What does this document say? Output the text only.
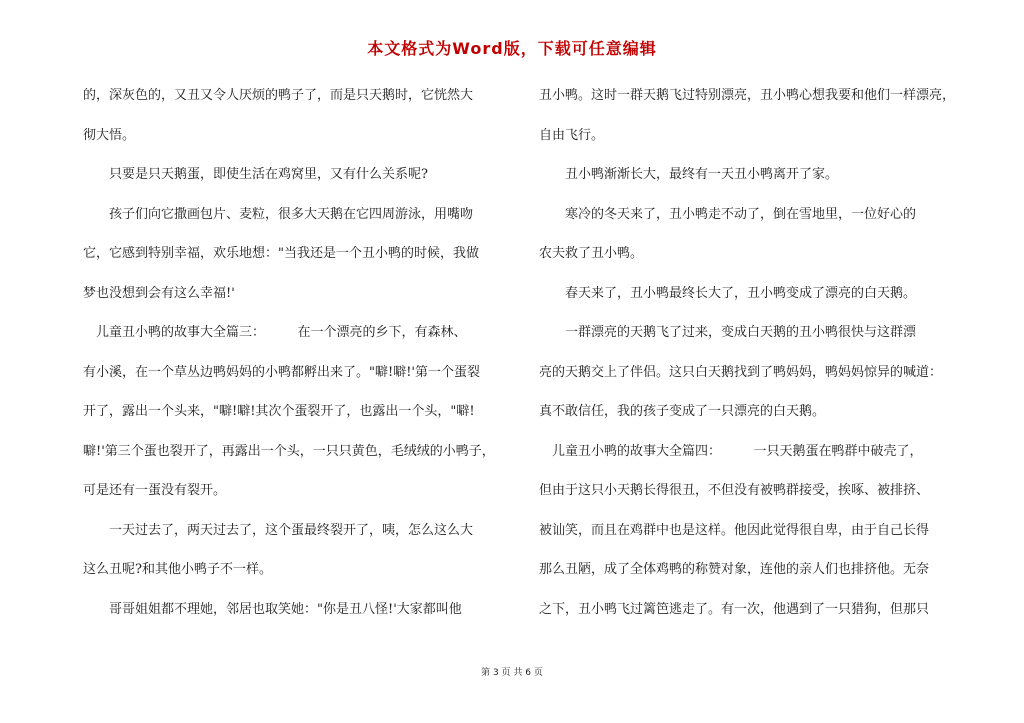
本文格式为Word版，下载可任意编辑
的，深灰色的，又丑又令人厌烦的鸭子了，而是只天鹅时，它恍然大
彻大悟。
　　只要是只天鹅蛋，即使生活在鸡窝里，又有什么关系呢?
　　孩子们向它撒画包片、麦粒，很多大天鹅在它四周游泳，用嘴吻
它，它感到特别幸福，欢乐地想："当我还是一个丑小鸭的时候，我做
梦也没想到会有这么幸福!'
　儿童丑小鸭的故事大全篇三：　　　在一个漂亮的乡下，有森林、
有小溪，在一个草丛边鸭妈妈的小鸭都孵出来了。"噼!噼!'第一个蛋裂
开了，露出一个头来，"噼!噼!其次个蛋裂开了，也露出一个头，"噼!
噼!'第三个蛋也裂开了，再露出一个头，一只只黄色，毛绒绒的小鸭子，
可是还有一蛋没有裂开。
　　一天过去了，两天过去了，这个蛋最终裂开了，咦，怎么这么大
这么丑呢?和其他小鸭子不一样。
　　哥哥姐姐都不理她，邻居也取笑她："你是丑八怪!'大家都叫他
丑小鸭。这时一群天鹅飞过特别漂亮，丑小鸭心想我要和他们一样漂亮，
自由飞行。
　　丑小鸭渐渐长大，最终有一天丑小鸭离开了家。
　　寒冷的冬天来了，丑小鸭走不动了，倒在雪地里，一位好心的
农夫救了丑小鸭。
　　春天来了，丑小鸭最终长大了，丑小鸭变成了漂亮的白天鹅。
　　一群漂亮的天鹅飞了过来，变成白天鹅的丑小鸭很快与这群漂
亮的天鹅交上了伴侣。这只白天鹅找到了鸭妈妈，鸭妈妈惊异的喊道：
真不敢信任，我的孩子变成了一只漂亮的白天鹅。
　儿童丑小鸭的故事大全篇四：　　　一只天鹅蛋在鸭群中破壳了，
但由于这只小天鹅长得很丑，不但没有被鸭群接受，挨啄、被排挤、
被讪笑，而且在鸡群中也是这样。他因此觉得很自卑，由于自己长得
那么丑陋，成了全体鸡鸭的称赞对象，连他的亲人们也排挤他。无奈
之下，丑小鸭飞过篱笆逃走了。有一次，他遇到了一只猎狗，但那只
第 3 页 共 6 页
